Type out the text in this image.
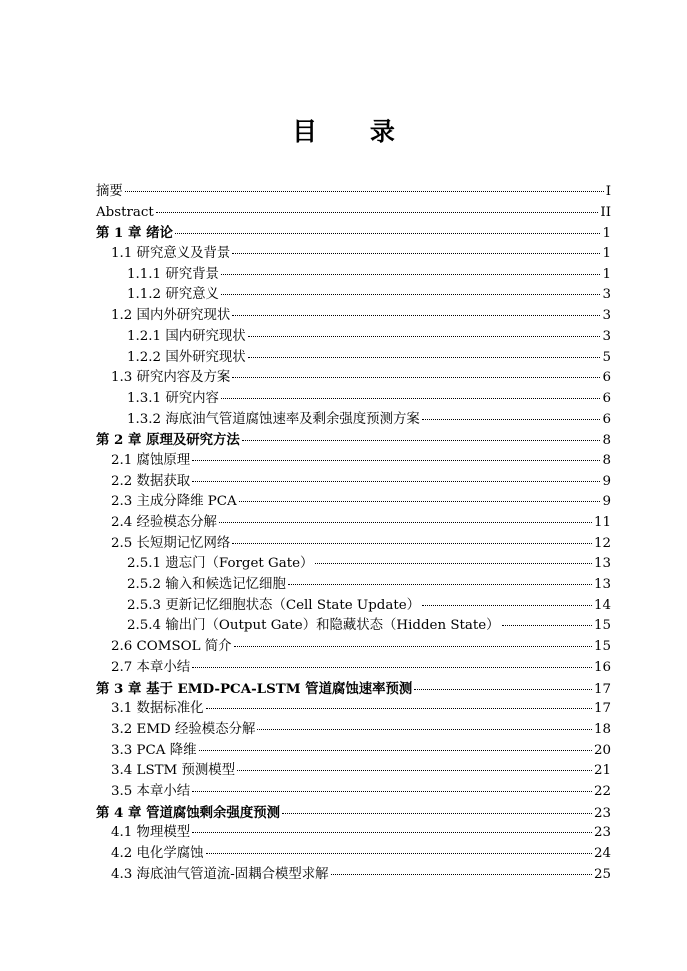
目 录
摘要	I
Abstract	II
第 1 章 绪论	1
1.1 研究意义及背景	1
1.1.1 研究背景	1
1.1.2 研究意义	3
1.2 国内外研究现状	3
1.2.1 国内研究现状	3
1.2.2 国外研究现状	5
1.3 研究内容及方案	6
1.3.1 研究内容	6
1.3.2 海底油气管道腐蚀速率及剩余强度预测方案	6
第 2 章 原理及研究方法	8
2.1 腐蚀原理	8
2.2 数据获取	9
2.3 主成分降维 PCA	9
2.4 经验模态分解	11
2.5 长短期记忆网络	12
2.5.1 遗忘门（Forget Gate）	13
2.5.2 输入和候选记忆细胞	13
2.5.3 更新记忆细胞状态（Cell State Update）	14
2.5.4 输出门（Output Gate）和隐藏状态（Hidden State）	15
2.6 COMSOL 简介	15
2.7 本章小结	16
第 3 章 基于 EMD-PCA-LSTM 管道腐蚀速率预测	17
3.1 数据标准化	17
3.2 EMD 经验模态分解	18
3.3 PCA 降维	20
3.4 LSTM 预测模型	21
3.5 本章小结	22
第 4 章 管道腐蚀剩余强度预测	23
4.1 物理模型	23
4.2 电化学腐蚀	24
4.3 海底油气管道流-固耦合模型求解	25
